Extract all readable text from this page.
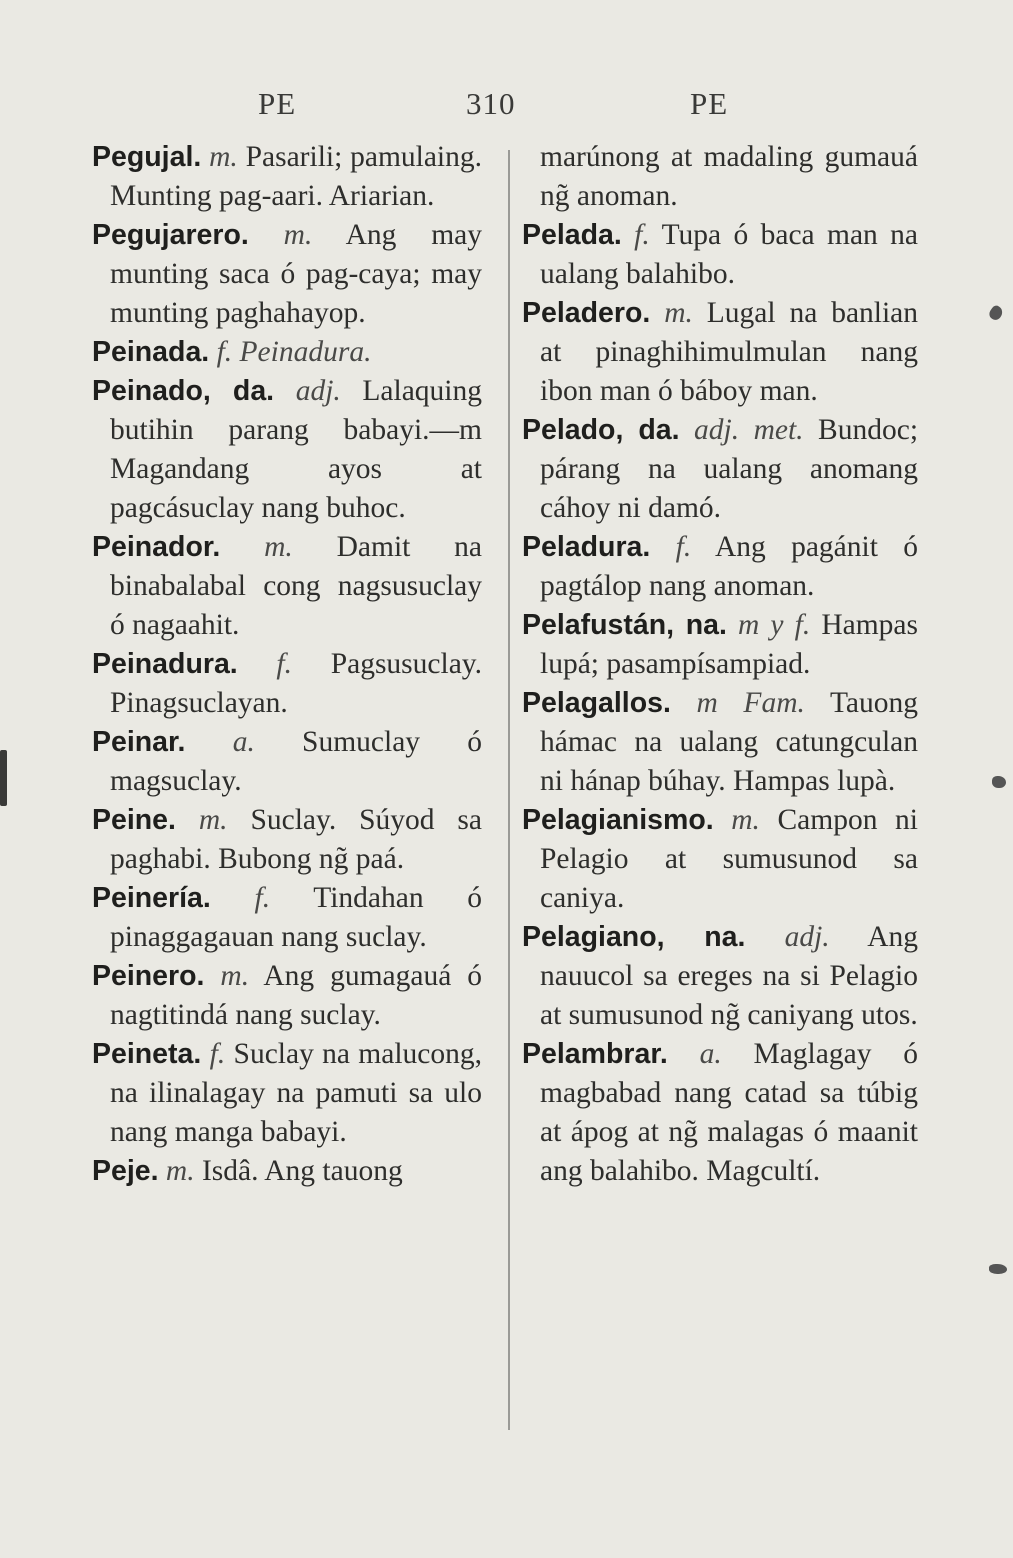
PE	310	PE

Pegujal. m. Pasarili; pamulaing. Munting pag-aari. Ariarian.

Pegujarero. m. Ang may munting saca ó pag-caya; may munting paghahayop.

Peinada. f. Peinadura.

Peinado, da. adj. Lalaquing butihin parang babayi.—m Magandang ayos at pagcásuclay nang buhoc.

Peinador. m. Damit na binabalabal cong nagsusuclay ó nagaahit.

Peinadura. f. Pagsusuclay. Pinagsuclayan.

Peinar. a. Sumuclay ó magsuclay.

Peine. m. Suclay. Súyod sa paghabi. Bubong ng̃ paá.

Peinería. f. Tindahan ó pinaggagauan nang suclay.

Peinero. m. Ang gumagauá ó nagtitindá nang suclay.

Peineta. f. Suclay na malucong, na ilinalagay na pamuti sa ulo nang manga babayi.

Peje. m. Isdâ. Ang tauong

marúnong at madaling gumauá ng̃ anoman.

Pelada. f. Tupa ó baca man na ualang balahibo.

Peladero. m. Lugal na banlian at pinaghihimulmulan nang ibon man ó báboy man.

Pelado, da. adj. met. Bundoc; párang na ualang anomang cáhoy ni damó.

Peladura. f. Ang pagánit ó pagtálop nang anoman.

Pelafustán, na. m y f. Hampas lupá; pasampísampiad.

Pelagallos. m Fam. Tauong hámac na ualang catungculan ni hánap búhay. Hampas lupà.

Pelagianismo. m. Campon ni Pelagio at sumusunod sa caniya.

Pelagiano, na. adj. Ang nauucol sa ereges na si Pelagio at sumusunod ng̃ caniyang utos.

Pelambrar. a. Maglagay ó magbabad nang catad sa túbig at ápog at ng̃ malagas ó maanit ang balahibo. Magcultí.
